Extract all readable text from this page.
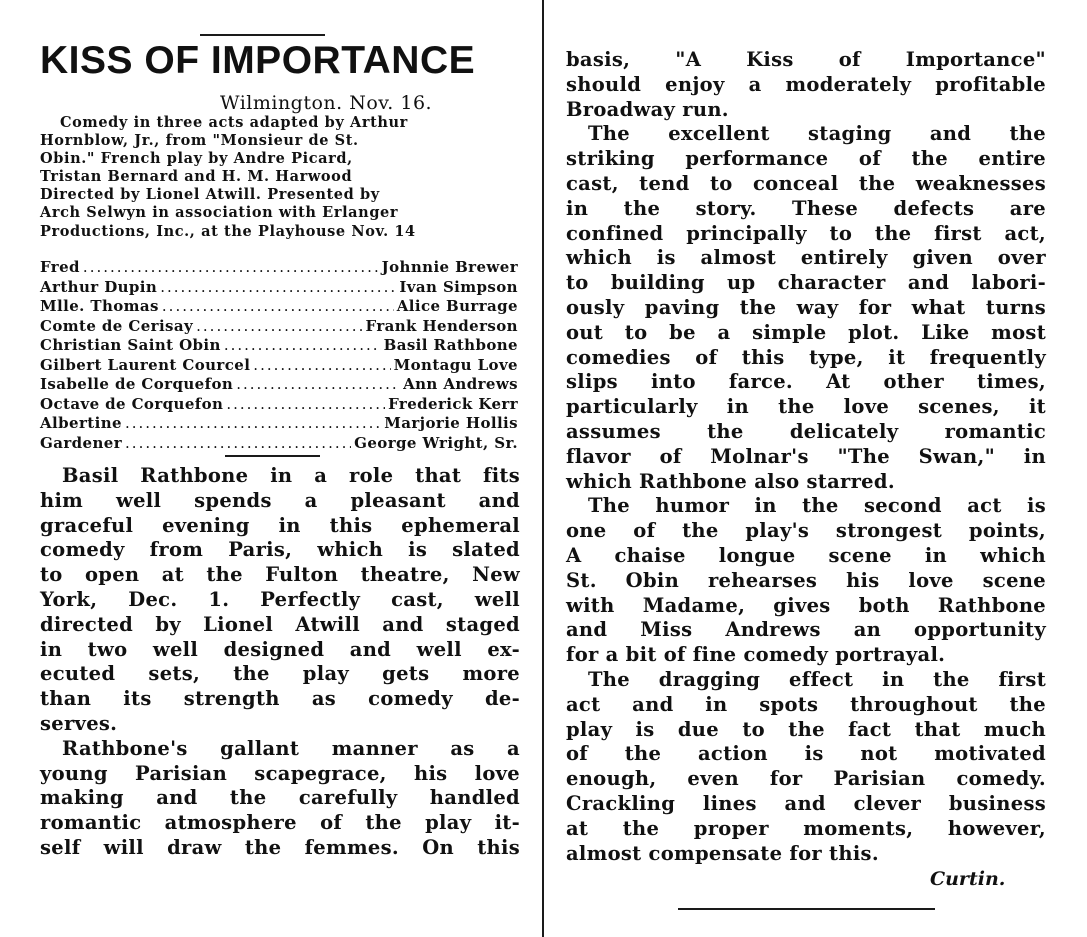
KISS OF IMPORTANCE
Wilmington. Nov. 16.
Comedy in three acts adapted by Arthur
Hornblow, Jr., from "Monsieur de St.
Obin." French play by Andre Picard,
Tristan Bernard and H. M. Harwood
Directed by Lionel Atwill. Presented by
Arch Selwyn in association with Erlanger
Productions, Inc., at the Playhouse Nov. 14
Fred .....	Johnnie Brewer
Arthur Dupin .....	Ivan Simpson
Mlle. Thomas .....	Alice Burrage
Comte de Cerisay .....	Frank Henderson
Christian Saint Obin .....	Basil Rathbone
Gilbert Laurent Courcel .....	Montagu Love
Isabelle de Corquefon .....	Ann Andrews
Octave de Corquefon .....	Frederick Kerr
Albertine .....	Marjorie Hollis
Gardener .....	George Wright, Sr.
Basil Rathbone in a role that fits
him well spends a pleasant and
graceful evening in this ephemeral
comedy from Paris, which is slated
to open at the Fulton theatre, New
York, Dec. 1. Perfectly cast, well
directed by Lionel Atwill and staged
in two well designed and well ex-
ecuted sets, the play gets more
than its strength as comedy de-
serves.
Rathbone's gallant manner as a
young Parisian scapegrace, his love
making and the carefully handled
romantic atmosphere of the play it-
self will draw the femmes. On this
basis, "A Kiss of Importance"
should enjoy a moderately profitable
Broadway run.
The excellent staging and the
striking performance of the entire
cast, tend to conceal the weaknesses
in the story. These defects are
confined principally to the first act,
which is almost entirely given over
to building up character and labori-
ously paving the way for what turns
out to be a simple plot. Like most
comedies of this type, it frequently
slips into farce. At other times,
particularly in the love scenes, it
assumes the delicately romantic
flavor of Molnar's "The Swan," in
which Rathbone also starred.
The humor in the second act is
one of the play's strongest points,
A chaise longue scene in which
St. Obin rehearses his love scene
with Madame, gives both Rathbone
and Miss Andrews an opportunity
for a bit of fine comedy portrayal.
The dragging effect in the first
act and in spots throughout the
play is due to the fact that much
of the action is not motivated
enough, even for Parisian comedy.
Crackling lines and clever business
at the proper moments, however,
almost compensate for this.
Curtin.
